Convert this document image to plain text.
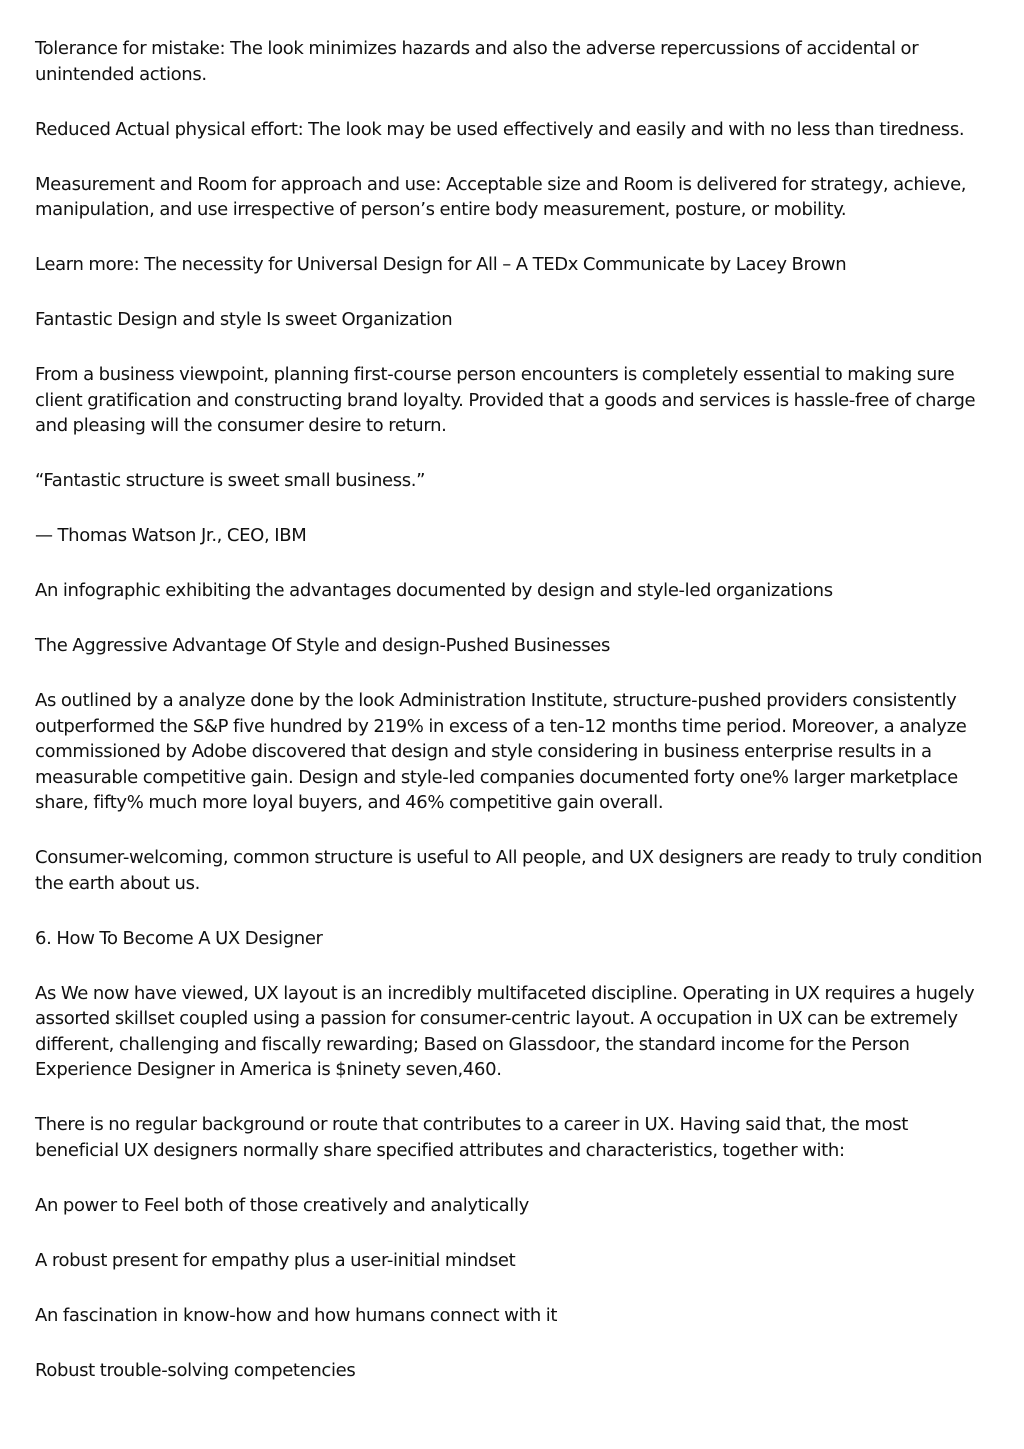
Tolerance for mistake: The look minimizes hazards and also the adverse repercussions of accidental or unintended actions.

Reduced Actual physical effort: The look may be used effectively and easily and with no less than tiredness.

Measurement and Room for approach and use: Acceptable size and Room is delivered for strategy, achieve, manipulation, and use irrespective of person’s entire body measurement, posture, or mobility.

Learn more: The necessity for Universal Design for All – A TEDx Communicate by Lacey Brown

Fantastic Design and style Is sweet Organization

From a business viewpoint, planning first-course person encounters is completely essential to making sure client gratification and constructing brand loyalty. Provided that a goods and services is hassle-free of charge and pleasing will the consumer desire to return.

“Fantastic structure is sweet small business.”

— Thomas Watson Jr., CEO, IBM

An infographic exhibiting the advantages documented by design and style-led organizations

The Aggressive Advantage Of Style and design-Pushed Businesses

As outlined by a analyze done by the look Administration Institute, structure-pushed providers consistently outperformed the S&P five hundred by 219% in excess of a ten-12 months time period. Moreover, a analyze commissioned by Adobe discovered that design and style considering in business enterprise results in a measurable competitive gain. Design and style-led companies documented forty one% larger marketplace share, fifty% much more loyal buyers, and 46% competitive gain overall.

Consumer-welcoming, common structure is useful to All people, and UX designers are ready to truly condition the earth about us.

6. How To Become A UX Designer

As We now have viewed, UX layout is an incredibly multifaceted discipline. Operating in UX requires a hugely assorted skillset coupled using a passion for consumer-centric layout. A occupation in UX can be extremely different, challenging and fiscally rewarding; Based on Glassdoor, the standard income for the Person Experience Designer in America is $ninety seven,460.

There is no regular background or route that contributes to a career in UX. Having said that, the most beneficial UX designers normally share specified attributes and characteristics, together with:

An power to Feel both of those creatively and analytically

A robust present for empathy plus a user-initial mindset

An fascination in know-how and how humans connect with it

Robust trouble-solving competencies
